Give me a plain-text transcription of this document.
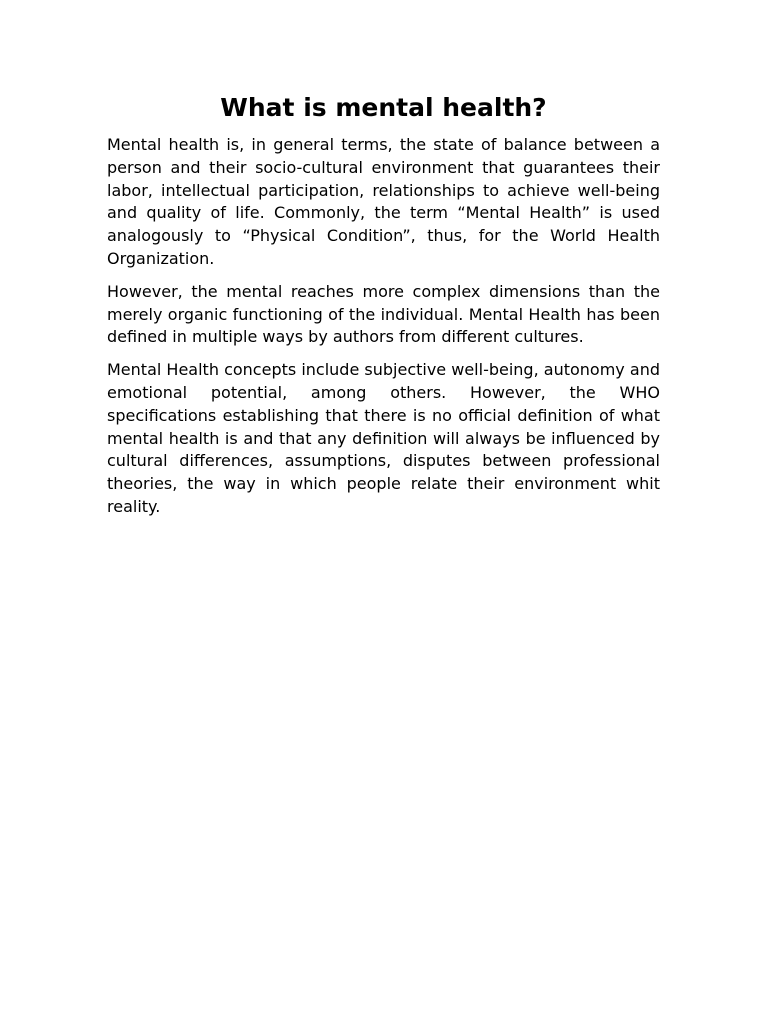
What is mental health?

Mental health is, in general terms, the state of balance between a person and their socio-cultural environment that guarantees their labor, intellectual participation, relationships to achieve well-being and quality of life. Commonly, the term “Mental Health” is used analogously to “Physical Condition”, thus, for the World Health Organization.

However, the mental reaches more complex dimensions than the merely organic functioning of the individual. Mental Health has been defined in multiple ways by authors from different cultures.

Mental Health concepts include subjective well-being, autonomy and emotional potential, among others. However, the WHO specifications establishing that there is no official definition of what mental health is and that any definition will always be influenced by cultural differences, assumptions, disputes between professional theories, the way in which people relate their environment whit reality.
